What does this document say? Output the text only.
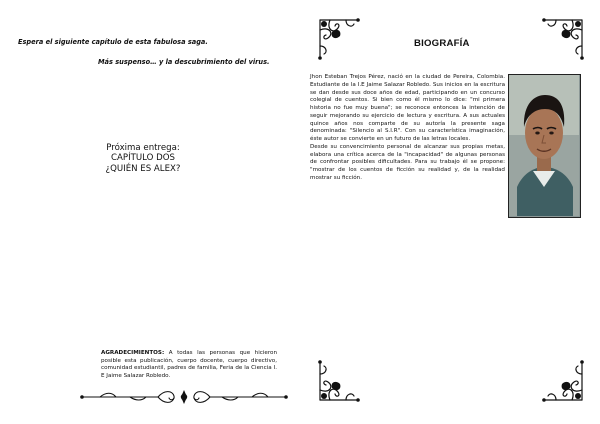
Espera el siguiente capítulo de esta fabulosa saga.
Más suspenso… y la descubrimiento del virus.
Próxima entrega:
CAPÍTULO DOS
¿QUIÉN ES ALEX?
AGRADECIMIENTOS: A todas las personas que hicieron posible esta publicación, cuerpo docente, cuerpo directivo, comunidad estudiantil, padres de familia, Feria de la Ciencia I. E Jaime Salazar Robledo.
BIOGRAFÍA

Jhon Esteban Trejos Pérez, nació en la ciudad de Pereira, Colombia. Estudiante de la I.E Jaime Salazar Robledo. Sus inicios en la escritura se dan desde sus doce años de edad, participando en un concurso colegial de cuentos. Si bien como él mismo lo dice: "mi primera historia no fue muy buena"; se reconoce entonces la intención de seguir mejorando su ejercicio de lectura y escritura. A sus actuales quince años nos comparte de su autoría la presente saga denominada: "Silencio al S.I.R". Con su característica imaginación, éste autor se convierte en un futuro de las letras locales.

Desde su convencimiento personal de alcanzar sus propias metas, elabora una crítica acerca de la "incapacidad" de algunas personas de confrontar posibles dificultades. Para su trabajo él se propone: "mostrar de los cuentos de ficción su realidad y, de la realidad mostrar su ficción.
